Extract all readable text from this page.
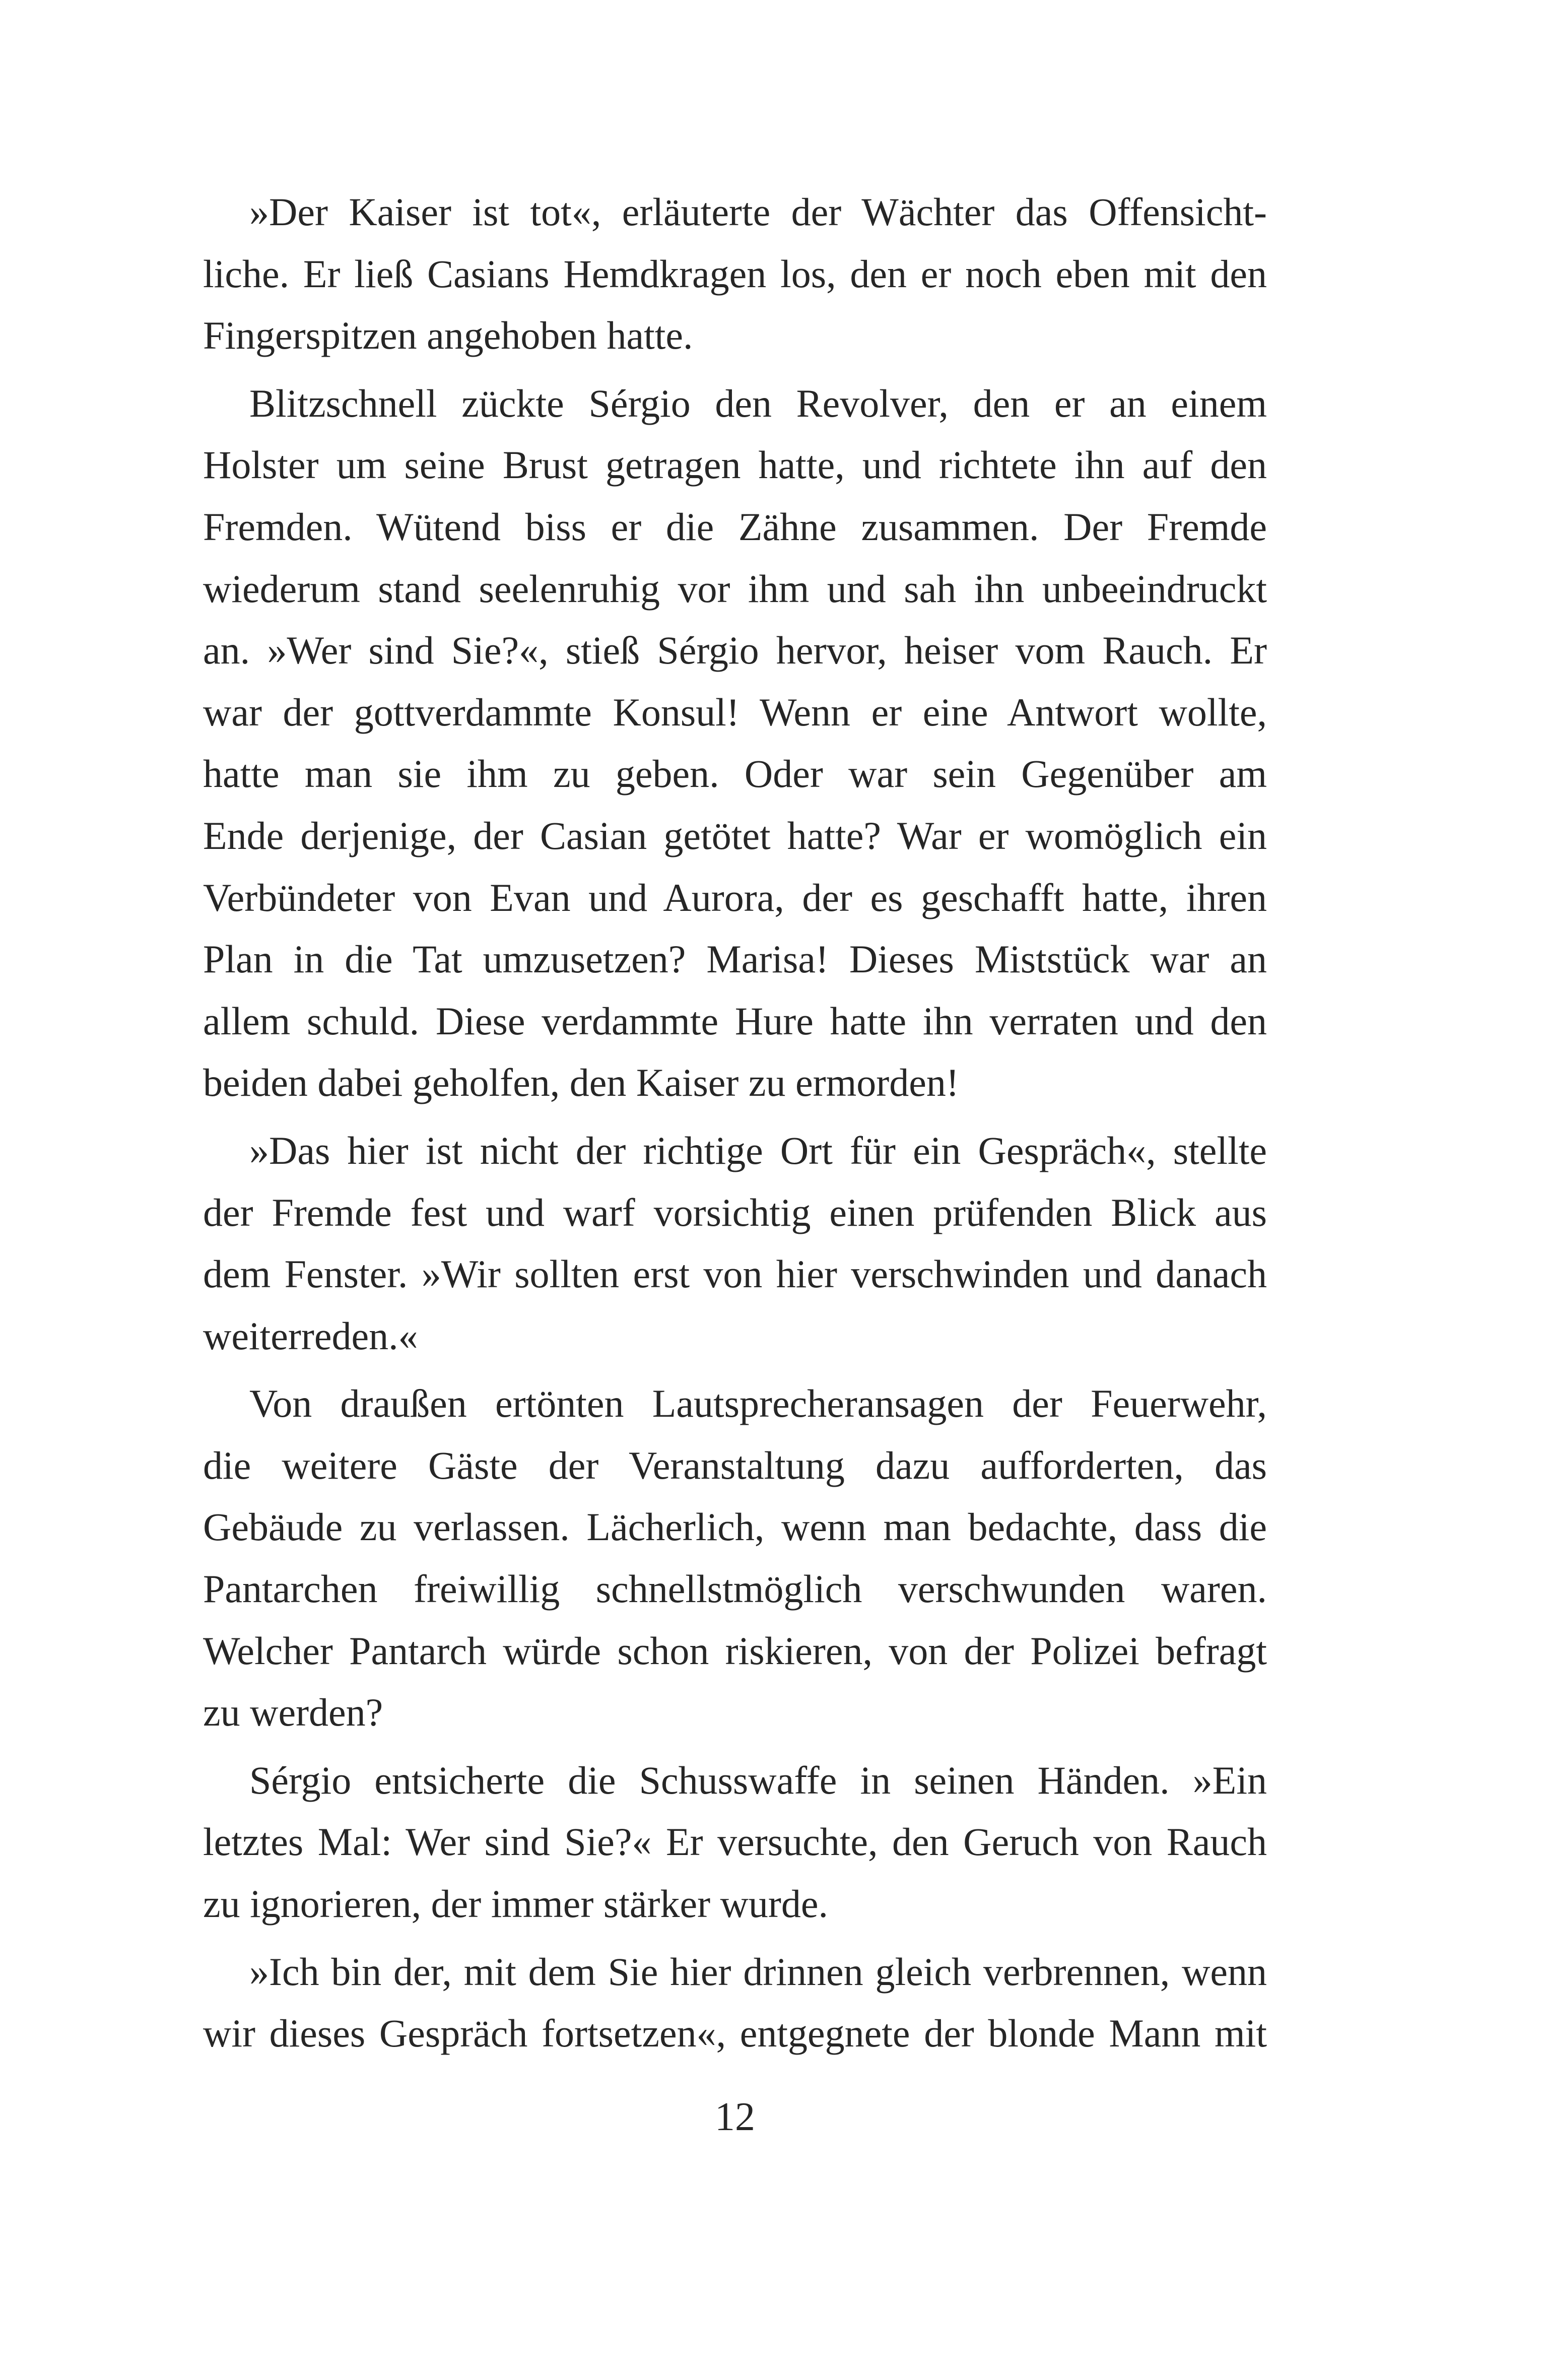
»Der Kaiser ist tot«, erläuterte der Wächter das Offensicht-
liche. Er ließ Casians Hemdkragen los, den er noch eben mit den
Fingerspitzen angehoben hatte.

Blitzschnell zückte Sérgio den Revolver, den er an einem
Holster um seine Brust getragen hatte, und richtete ihn auf den
Fremden. Wütend biss er die Zähne zusammen. Der Fremde
wiederum stand seelenruhig vor ihm und sah ihn unbeeindruckt
an. »Wer sind Sie?«, stieß Sérgio hervor, heiser vom Rauch. Er
war der gottverdammte Konsul! Wenn er eine Antwort wollte,
hatte man sie ihm zu geben. Oder war sein Gegenüber am
Ende derjenige, der Casian getötet hatte? War er womöglich ein
Verbündeter von Evan und Aurora, der es geschafft hatte, ihren
Plan in die Tat umzusetzen? Marisa! Dieses Miststück war an
allem schuld. Diese verdammte Hure hatte ihn verraten und den
beiden dabei geholfen, den Kaiser zu ermorden!

»Das hier ist nicht der richtige Ort für ein Gespräch«, stellte
der Fremde fest und warf vorsichtig einen prüfenden Blick aus
dem Fenster. »Wir sollten erst von hier verschwinden und danach
weiterreden.«

Von draußen ertönten Lautsprecheransagen der Feuerwehr,
die weitere Gäste der Veranstaltung dazu aufforderten, das
Gebäude zu verlassen. Lächerlich, wenn man bedachte, dass die
Pantarchen freiwillig schnellstmöglich verschwunden waren.
Welcher Pantarch würde schon riskieren, von der Polizei befragt
zu werden?

Sérgio entsicherte die Schusswaffe in seinen Händen. »Ein
letztes Mal: Wer sind Sie?« Er versuchte, den Geruch von Rauch
zu ignorieren, der immer stärker wurde.

»Ich bin der, mit dem Sie hier drinnen gleich verbrennen, wenn
wir dieses Gespräch fortsetzen«, entgegnete der blonde Mann mit

12
